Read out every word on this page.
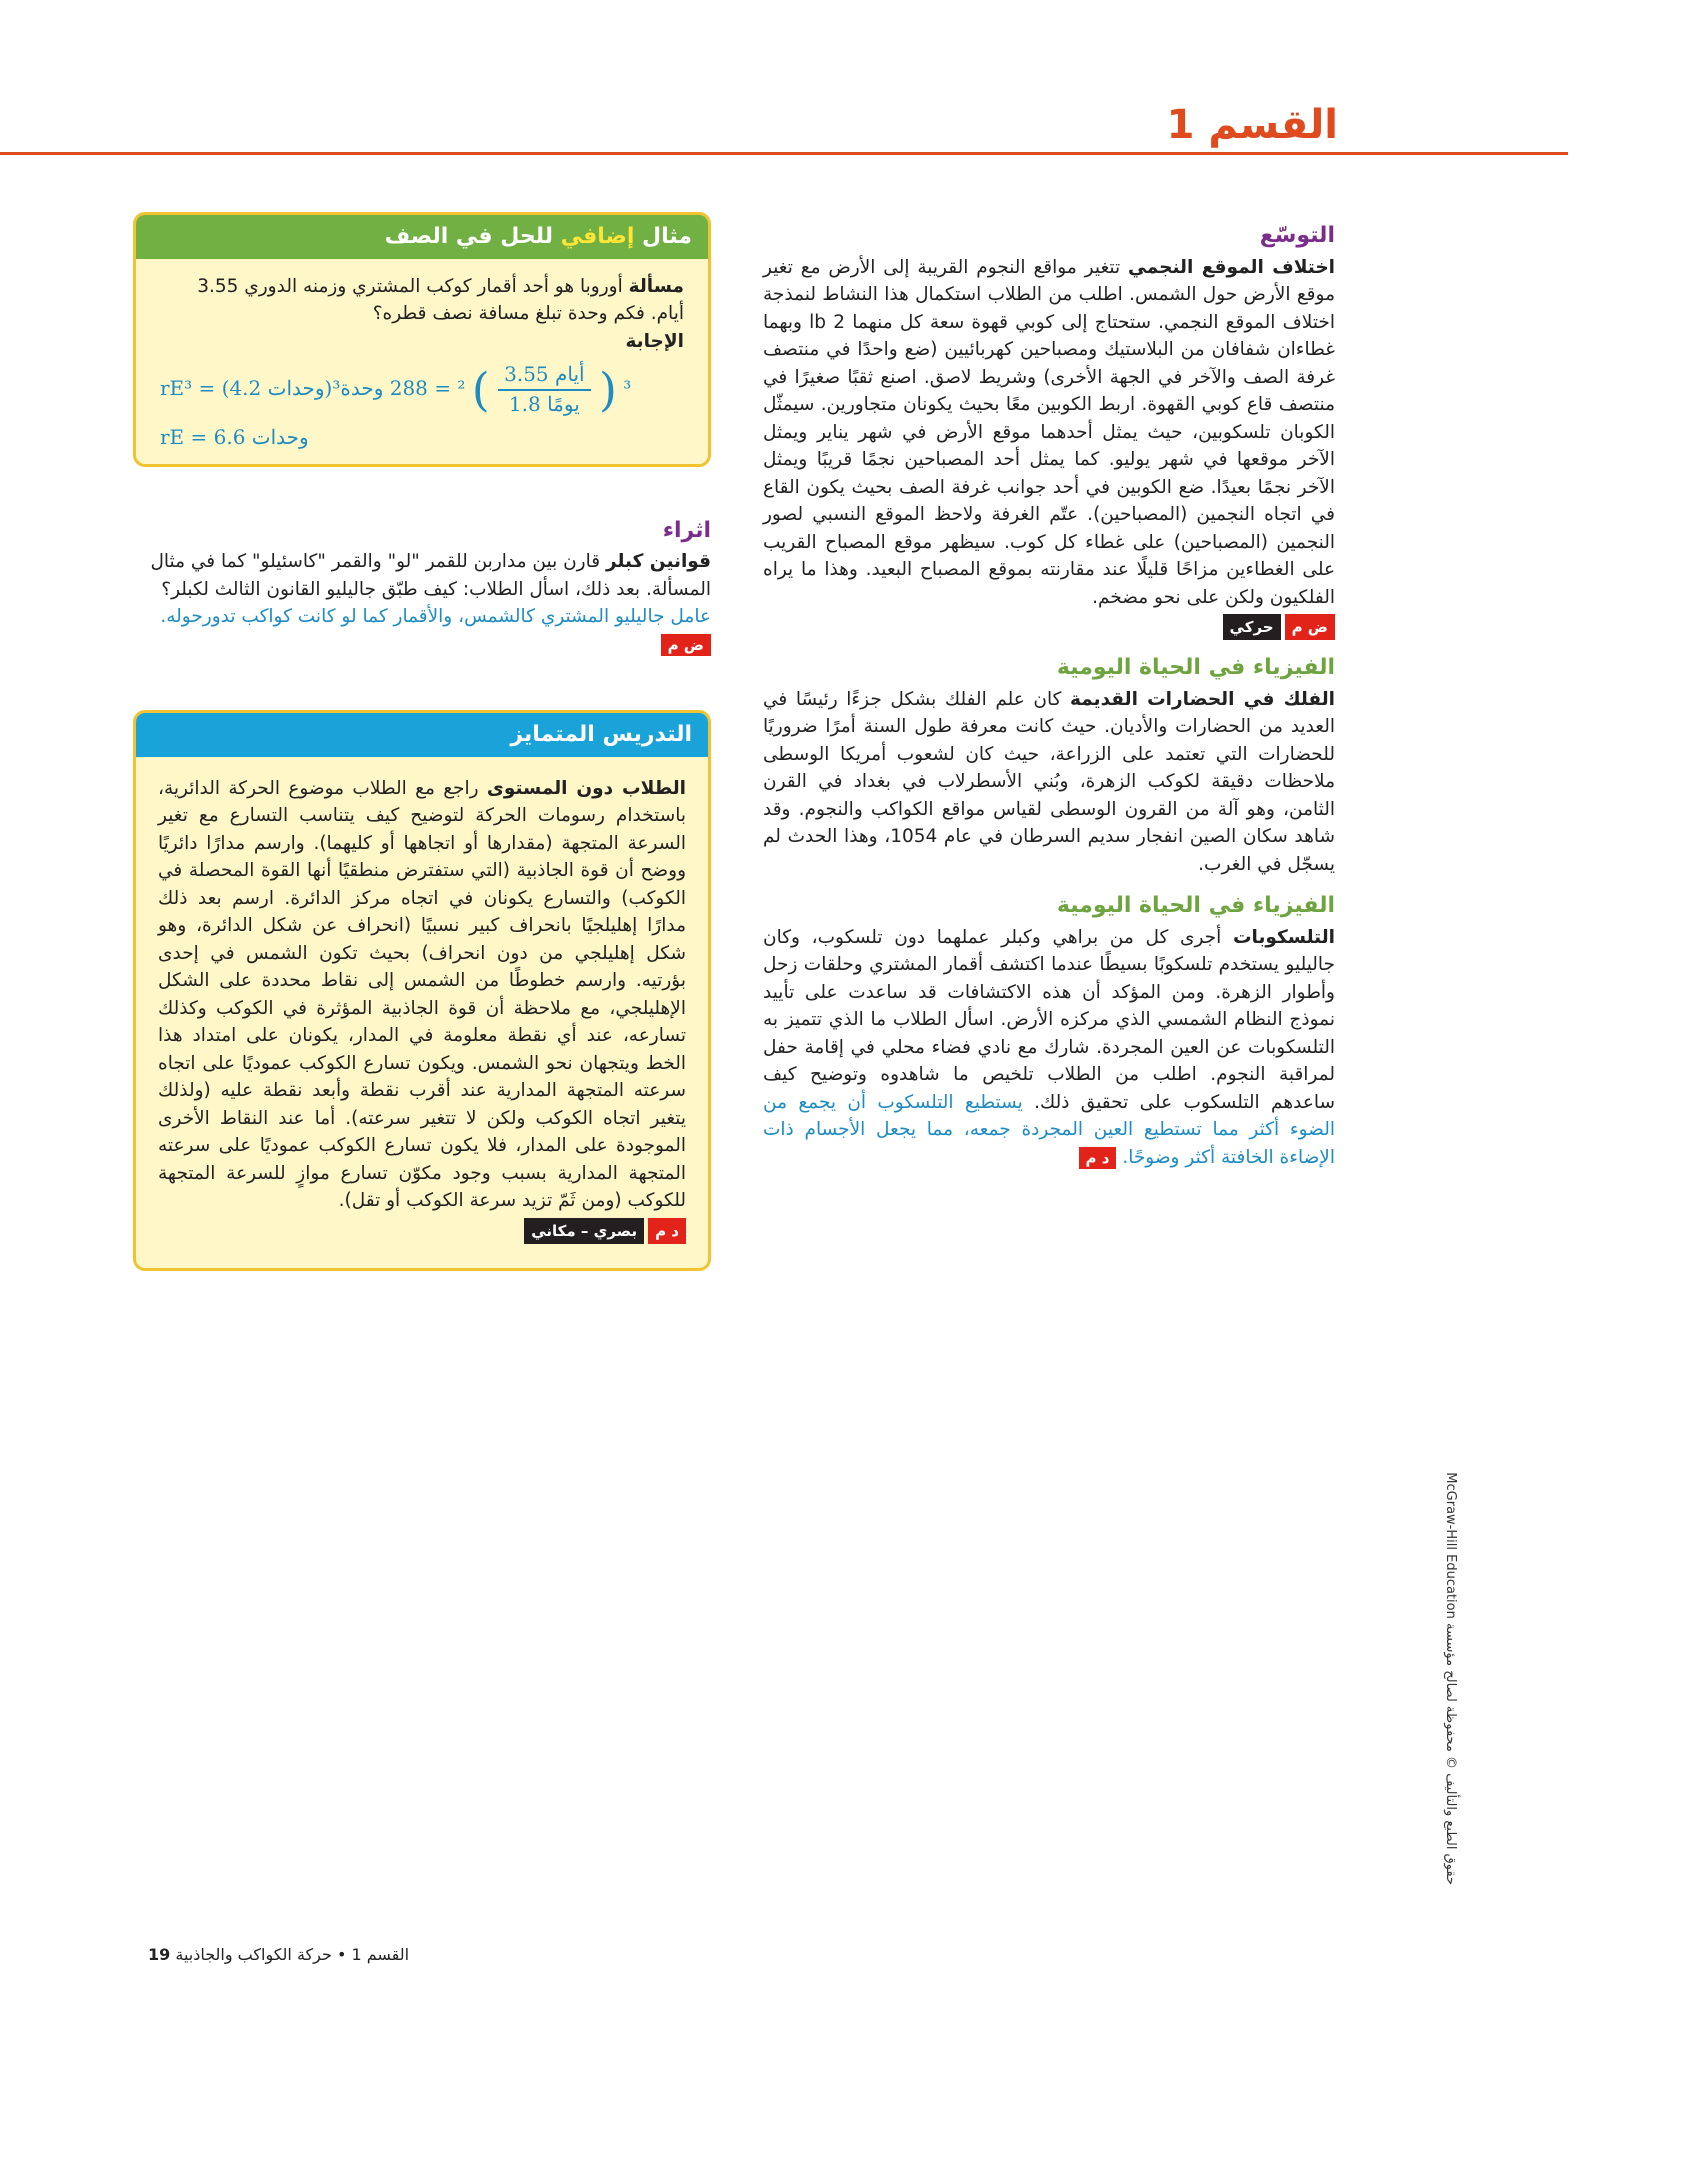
القسم 1
التوسّع

اختلاف الموقع النجمي تتغير مواقع النجوم القريبة إلى الأرض مع تغير موقع الأرض حول الشمس. اطلب من الطلاب استكمال هذا النشاط لنمذجة اختلاف الموقع النجمي. ستحتاج إلى كوبي قهوة سعة كل منهما 2 lb وبهما غطاءان شفافان من البلاستيك ومصباحين كهربائيين (ضع واحدًا في منتصف غرفة الصف والآخر في الجهة الأخرى) وشريط لاصق. اصنع ثقبًا صغيرًا في منتصف قاع كوبي القهوة. اربط الكوبين معًا بحيث يكونان متجاورين. سيمثّل الكوبان تلسكوبين، حيث يمثل أحدهما موقع الأرض في شهر يناير ويمثل الآخر موقعها في شهر يوليو. كما يمثل أحد المصباحين نجمًا قريبًا ويمثل الآخر نجمًا بعيدًا. ضع الكوبين في أحد جوانب غرفة الصف بحيث يكون القاع في اتجاه النجمين (المصباحين). عتّم الغرفة ولاحظ الموقع النسبي لصور النجمين (المصباحين) على غطاء كل كوب. سيظهر موقع المصباح القريب على الغطاءين مزاحًا قليلًا عند مقارنته بموقع المصباح البعيد. وهذا ما يراه الفلكيون ولكن على نحو مضخم.

ض م
حركي
الفيزياء في الحياة اليومية

الفلك في الحضارات القديمة كان علم الفلك بشكل جزءًا رئيسًا في العديد من الحضارات والأديان. حيث كانت معرفة طول السنة أمرًا ضروريًا للحضارات التي تعتمد على الزراعة، حيث كان لشعوب أمريكا الوسطى ملاحظات دقيقة لكوكب الزهرة، وبُني الأسطرلاب في بغداد في القرن الثامن، وهو آلة من القرون الوسطى لقياس مواقع الكواكب والنجوم. وقد شاهد سكان الصين انفجار سديم السرطان في عام 1054، وهذا الحدث لم يسجّل في الغرب.

الفيزياء في الحياة اليومية

التلسكوبات أجرى كل من براهي وكبلر عملهما دون تلسكوب، وكان جاليليو يستخدم تلسكوبًا بسيطًا عندما اكتشف أقمار المشتري وحلقات زحل وأطوار الزهرة. ومن المؤكد أن هذه الاكتشافات قد ساعدت على تأييد نموذج النظام الشمسي الذي مركزه الأرض. اسأل الطلاب ما الذي تتميز به التلسكوبات عن العين المجردة. شارك مع نادي فضاء محلي في إقامة حفل لمراقبة النجوم. اطلب من الطلاب تلخيص ما شاهدوه وتوضيح كيف ساعدهم التلسكوب على تحقيق ذلك. يستطيع التلسكوب أن يجمع من الضوء أكثر مما تستطيع العين المجردة جمعه، مما يجعل الأجسام ذات الإضاءة الخافتة أكثر وضوحًا. د م

مثال إضافي للحل في الصف

مسألة أوروبا هو أحد أقمار كوكب المشتري وزمنه الدوري 3.55 أيام. فكم وحدة تبلغ مسافة نصف قطره؟

الإجابة
rE³ = (4.2 وحدات)³ (
$\frac{\text{3.55 أيام}}{\text{1.8 يومًا}}$
) ² = 288 وحدة³
rE = 6.6 وحدات
اثراء

قوانين كبلر قارن بين مداربن للقمر "لو" والقمر "كاسئيلو" كما في مثال المسألة. بعد ذلك، اسأل الطلاب: كيف طبّق جاليليو القانون الثالث لكبلر؟ عامل جاليليو المشتري كالشمس، والأقمار كما لو كانت كواكب تدورحوله. ض م

التدريس المتمايز

الطلاب دون المستوى راجع مع الطلاب موضوع الحركة الدائرية، باستخدام رسومات الحركة لتوضيح كيف يتناسب التسارع مع تغير السرعة المتجهة (مقدارها أو اتجاهها أو كليهما). وارسم مدارًا دائريًا ووضح أن قوة الجاذبية (التي ستفترض منطقيًا أنها القوة المحصلة في الكوكب) والتسارع يكونان في اتجاه مركز الدائرة. ارسم بعد ذلك مدارًا إهليلجيًا بانحراف كبير نسبيًا (انحراف عن شكل الدائرة، وهو شكل إهليلجي من دون انحراف) بحيث تكون الشمس في إحدى بؤرتيه. وارسم خطوطًا من الشمس إلى نقاط محددة على الشكل الإهليلجي، مع ملاحظة أن قوة الجاذبية المؤثرة في الكوكب وكذلك تسارعه، عند أي نقطة معلومة في المدار، يكونان على امتداد هذا الخط ويتجهان نحو الشمس. ويكون تسارع الكوكب عموديًا على اتجاه سرعته المتجهة المدارية عند أقرب نقطة وأبعد نقطة عليه (ولذلك يتغير اتجاه الكوكب ولكن لا تتغير سرعته). أما عند النقاط الأخرى الموجودة على المدار، فلا يكون تسارع الكوكب عموديًا على سرعته المتجهة المدارية بسبب وجود مكوّن تسارع موازٍ للسرعة المتجهة للكوكب (ومن ثَمّ تزيد سرعة الكوكب أو تقل).

د م
بصري – مكاني
حقوق الطبع والتأليف © محفوظة لصالح مؤسسة McGraw-Hill Education
القسم 1 • حركة الكواكب والجاذبية 19
